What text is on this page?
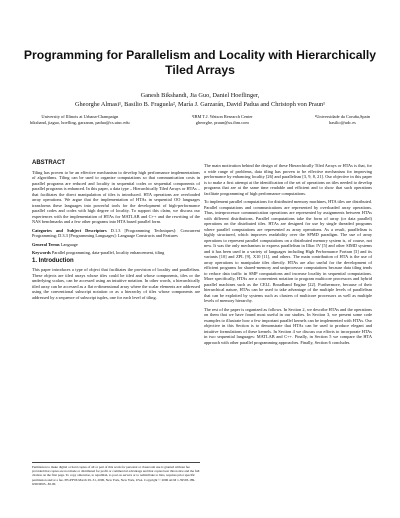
Programming for Parallelism and Locality with Hierarchically Tiled Arrays
Ganesh Bikshandi, Jia Guo, Daniel Hoeflinger,
Gheorghe Almasi¹, Basilio B. Fraguela², María J. Garzarán, David Padua and Christoph von Praun¹
University of Illinois at Urbana-Champaign
bikshand, jiaguo, hoefling, garzaran, padua@cs.uiuc.edu
¹IBM T.J. Watson Research Center
gheorghe, praun@us.ibm.com
²Universidade da Coruña,Spain
basilio@udc.es
ABSTRACT

Tiling has proven to be an effective mechanism to develop high performance implementations of algorithms. Tiling can be used to organize computations so that communication costs in parallel programs are reduced and locality in sequential codes or sequential components of parallel programs is enhanced. In this paper, a data type – Hierarchically Tiled Arrays or HTAs – that facilitates the direct manipulation of tiles is introduced. HTA operations are overloaded array operations. We argue that the implementation of HTAs in sequential OO languages transforms these languages into powerful tools for the development of high-performance parallel codes and codes with high degree of locality. To support this claim, we discuss our experiences with the implementation of HTAs for MATLAB and C++ and the rewriting of the NAS benchmarks and a few other programs into HTA based parallel form.

Categories and Subject Descriptors D.1.3 [Programming Techniques]: Concurrent Programming; D.3.3 [Programming Languages]: Language Constructs and Features

General Terms Language

Keywords Parallel programming, data-parallel, locality enhancement, tiling

1. Introduction

This paper introduces a type of object that facilitates the provision of locality and parallelism. These objects are tiled arrays whose tiles could be tiled and whose components, tiles or the underlying scalars, can be accessed using an intuitive notation. In other words, a hierarchically tiled array can be accessed as a flat n-dimensional array where the scalar elements are addressed using the conventional subscript notation or as a hierarchy of tiles whose components are addressed by a sequence of subscript tuples, one for each level of tiling.

Permission to make digital or hard copies of all or part of this work for personal or classroom use is granted without fee provided that copies are not made or distributed for profit or commercial advantage and that copies bear this notice and the full citation on the first page. To copy otherwise, to republish, to post on servers or to redistribute to lists, requires prior specific permission and/or a fee. PPoPP'06 March 29–31, 2006, New York, New York, USA. Copyright © 2006 ACM 1-59593-189-9/06/0003...$5.00.

The main motivation behind the design of these Hierarchically Tiled Arrays or HTAs is that, for a wide range of problems, data tiling has proven to be effective mechanism for improving performance by enhancing locality [26] and parallelism [3, 9, 8, 21]. Our objective in this paper is to make a first attempt at the identification of the set of operations on tiles needed to develop programs that are at the same time readable and efficient and to show that such operations facilitate programming of high performance computations.

To implement parallel computations for distributed memory machines, HTA tiles are distributed. Parallel computations and communications are represented by overloaded array operations. Thus, interprocessor communication operations are represented by assignments between HTAs with different distributions. Parallel computations take the form of array (or data parallel) operations on the distributed tiles. HTAs are designed for use by single threaded programs where parallel computations are represented as array operations. As a result, parallelism is highly structured, which improves readability over the SPMD paradigm. The use of array operations to represent parallel computations on a distributed memory system is, of course, not new. It was the only mechanism to express parallelism in Illiac IV [5] and other SIMD systems and it has been used in a variety of languages including High Performance Fortran [3] and its variants [10] and ZPL [9], X10 [11], and others. The main contribution of HTA is the use of array operations to manipulate tiles directly. HTAs are also useful for the development of efficient programs for shared-memory and uniprocessor computations because data tiling tends to reduce data traffic in SMP computations and increase locality in sequential computations. More specifically, HTAs are a convenient notation to program multicore processors and hybrid parallel machines such as the CELL Broadband Engine [22]. Furthermore, because of their hierarchical nature, HTAs can be used to take advantage of the multiple levels of parallelism that can be exploited by systems such as clusters of multicore processors as well as multiple levels of memory hierarchy.

The rest of the paper is organized as follows. In Section 2, we describe HTAs and the operations on them that we have found most useful in our studies. In Section 3, we present some code examples to illustrate how a few important parallel kernels can be implemented with HTAs. Our objective in this Section is to demonstrate that HTAs can be used to produce elegant and intuitive formulations of these kernels. In Section 4 we discuss our efforts to incorporate HTAs in two sequential languages: MATLAB and C++. Finally, in Section 5 we compare the HTA approach with other parallel programming approaches. Finally, Section 6 concludes.
